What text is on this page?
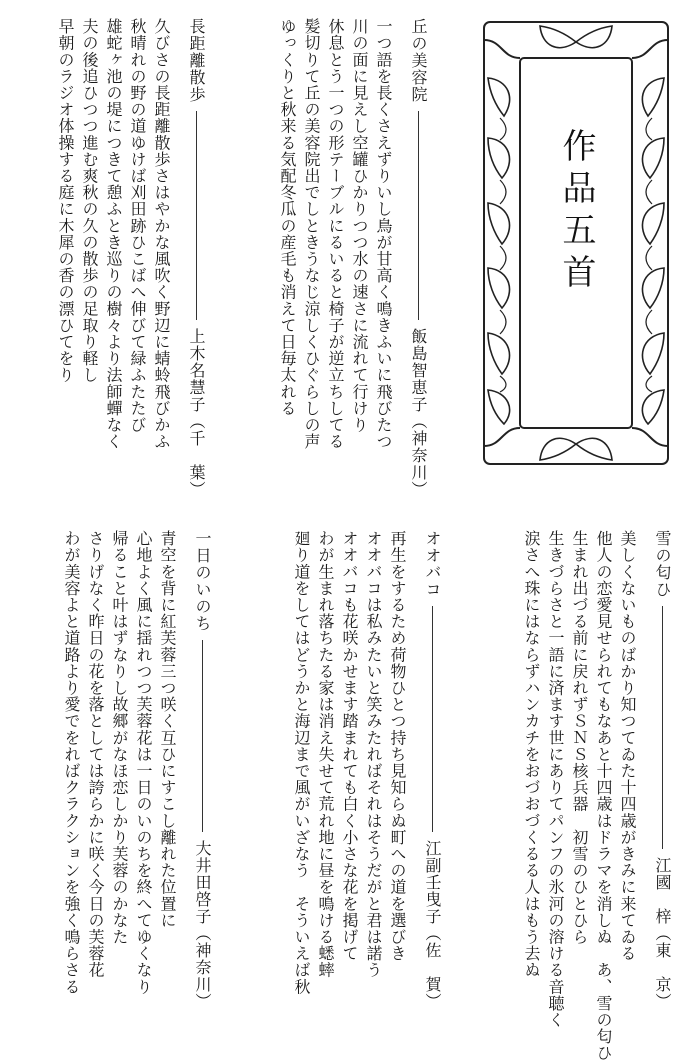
丘の美容院
飯島智恵子（神奈川）
一つ語を長くさえずりいし鳥が甘高く鳴きふいに飛びたつ
川の面に見えし空罐ひかりつつ水の速さに流れて行けり
休息とう一つの形テーブルにるいると椅子が逆立ちしてる
髪切りて丘の美容院出でしときうなじ涼しくひぐらしの声
ゆっくりと秋来る気配冬瓜の産毛も消えて日毎太れる
長距離散歩
上木名慧子（千　葉）
久びさの長距離散歩さはやかな風吹く野辺に蜻蛉飛びかふ
秋晴れの野の道ゆけば刈田跡ひこばへ伸びて緑ふたたび
雄蛇ヶ池の堤につきて憩ふとき巡りの樹々より法師蟬なく
夫の後追ひつつ進む爽秋の久の散歩の足取り軽し
早朝のラジオ体操する庭に木犀の香の漂ひてをり	作品五首
雪の匂ひ
江國　梓（東　京）
美しくないものばかり知つてゐた十四歳がきみに来てゐる
他人の恋愛見せられてもなあと十四歳はドラマを消しぬ　あ、雪の匂ひ
生まれ出づる前に戻れずＳＮＳ核兵器　初雪のひとひら
生きづらさと一語に済ます世にありてパンフの氷河の溶ける音聴く
涙さへ珠にはならずハンカチをおづおづくるる人はもう去ぬ
オオバコ
江副壬曳子（佐　賀）
再生をするため荷物ひとつ持ち見知らぬ町への道を選びき
オオバコは私みたいと笑みたればそれはそうだがと君は諾う
オオバコも花咲かせます踏まれても白く小さな花を掲げて
わが生まれ落ちたる家は消え失せて荒れ地に昼を鳴ける蟋蟀
廻り道をしてはどうかと海辺まで風がいざなう　そういえば秋
一日のいのち
大井田啓子（神奈川）
青空を背に紅芙蓉三つ咲く互ひにすこし離れた位置に
心地よく風に揺れつつ芙蓉花は一日のいのちを終へてゆくなり
帰ること叶はずなりし故郷がなほ恋しかり芙蓉のかなた
さりげなく昨日の花を落としては誇らかに咲く今日の芙蓉花
わが美容よと道路より愛でをればクラクションを強く鳴らさる
